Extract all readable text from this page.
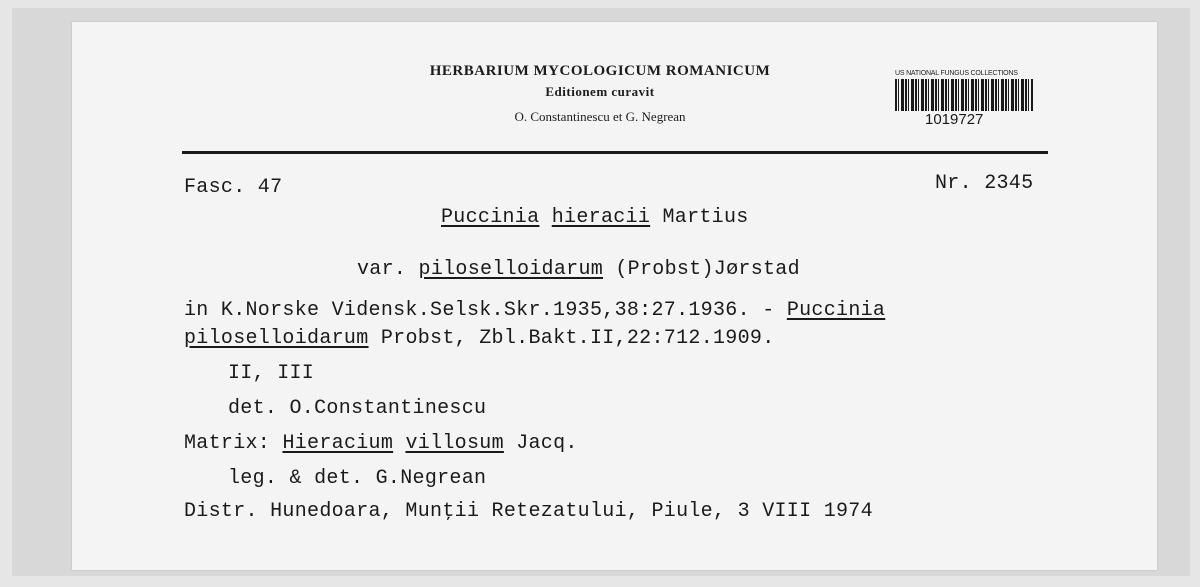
HERBARIUM MYCOLOGICUM ROMANICUM
Editionem curavit
O. Constantinescu et G. Negrean
US NATIONAL FUNGUS COLLECTIONS
1019727
Fasc. 47	Nr. 2345
Puccinia hieracii Martius
var. piloselloidarum (Probst)Jørstad
in K.Norske Vidensk.Selsk.Skr.1935,38:27.1936. - Puccinia
piloselloidarum Probst, Zbl.Bakt.II,22:712.1909.
II, III
det. O.Constantinescu
Matrix: Hieracium villosum Jacq.
leg. & det. G.Negrean
Distr. Hunedoara, Munţii Retezatului, Piule, 3 VIII 1974
